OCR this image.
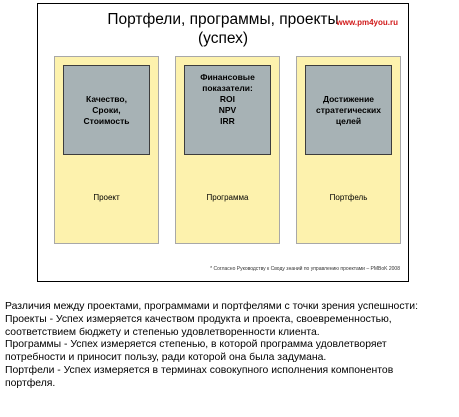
Портфели, программы, проекты
(успех)
www.pm4you.ru
Качество,
Сроки,
Стоимость
Проект
Финансовые
показатели:
ROI
NPV
IRR
Программа
Достижение
стратегических
целей
Портфель
* Согласно Руководству к Своду знаний по управлению проектами – PMBoK 2008

Различия между проектами, программами и портфелями с точки зрения успешности:

Проекты - Успех измеряется качеством продукта и проекта, своевременностью,
соответствием бюджету и степенью удовлетворенности клиента.

Программы - Успех измеряется степенью, в которой программа удовлетворяет
потребности и приносит пользу, ради которой она была задумана.

Портфели - Успех измеряется в терминах совокупного исполнения компонентов
портфеля.
